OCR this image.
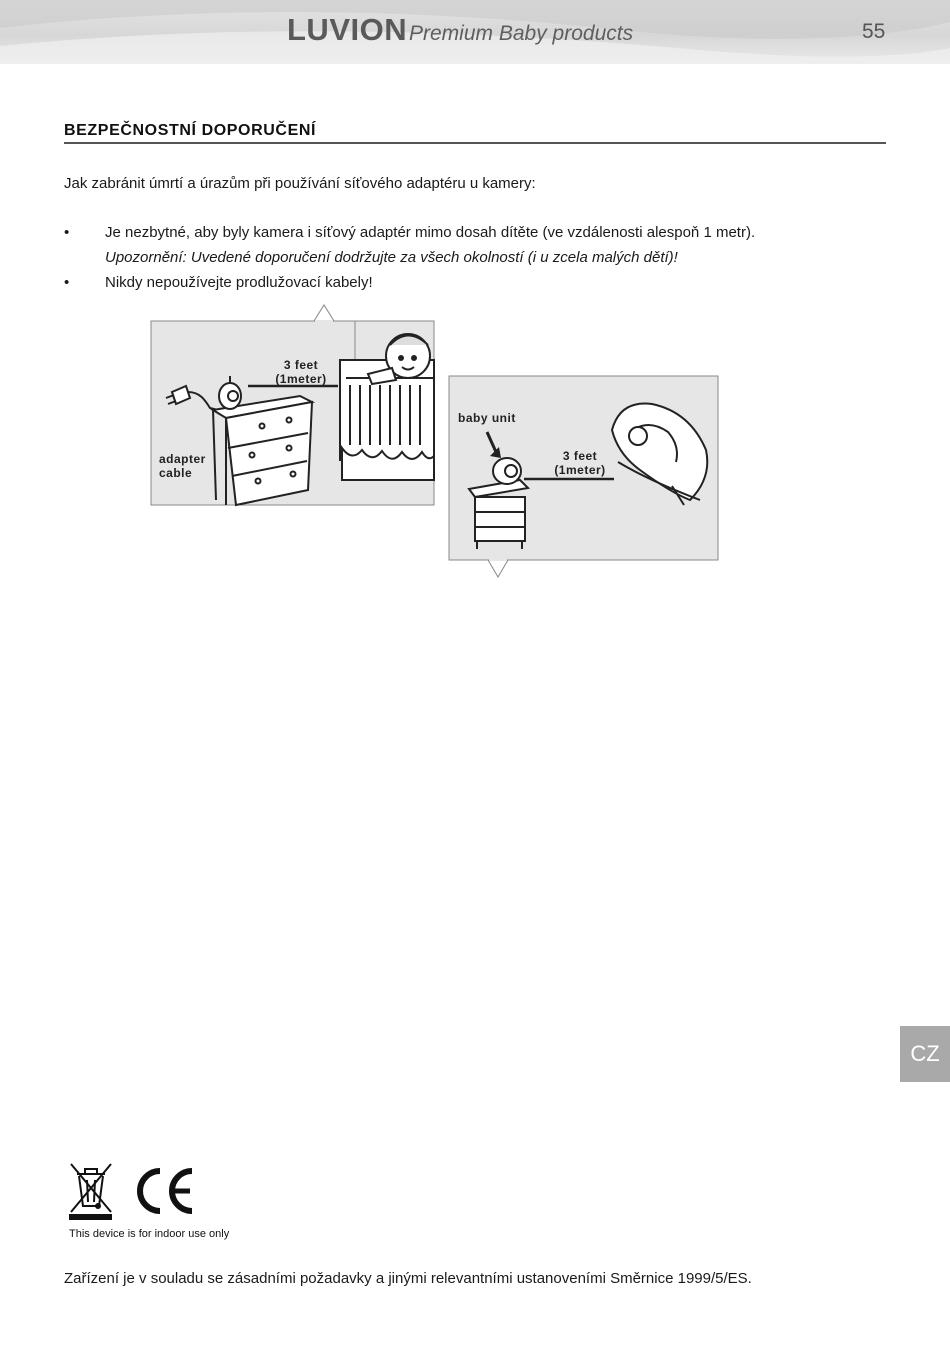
LUVION Premium Baby products	55
BEZPEČNOSTNÍ DOPORUČENÍ
Jak zabránit úmrtí a úrazům při používání síťového adaptéru u kamery:
• Je nezbytné, aby byly kamera i síťový adaptér mimo dosah dítěte (ve vzdálenosti alespoň 1 metr).
Upozornění: Uvedené doporučení dodržujte za všech okolností (i u zcela malých dětí)!
• Nikdy nepoužívejte prodlužovací kabely!
3 feet
(1meter)
adapter
cable
baby unit
3 feet
(1meter)
CZ
This device is for indoor use only
Zařízení je v souladu se zásadními požadavky a jinými relevantními ustanoveními Směrnice 1999/5/ES.
